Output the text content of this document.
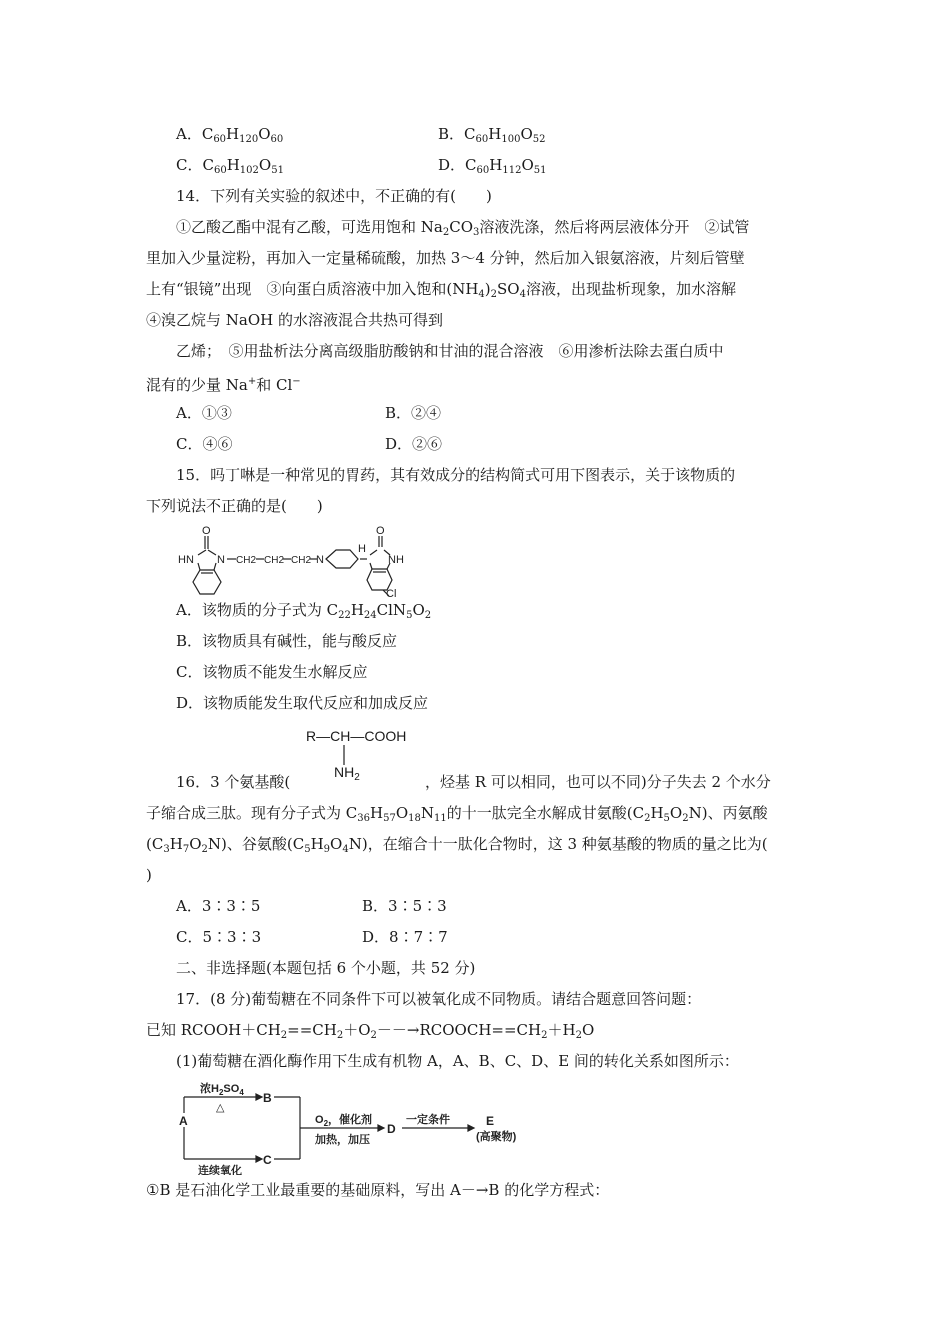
A．$C_{60}H_{120}O_{60}$	B．$C_{60}H_{100}O_{52}$
C．$C_{60}H_{102}O_{51}$	D．$C_{60}H_{112}O_{51}$
14．下列有关实验的叙述中，不正确的有(　　)
①乙酸乙酯中混有乙酸，可选用饱和 $Na_2CO_3$溶液洗涤，然后将两层液体分开　②试管
里加入少量淀粉，再加入一定量稀硫酸，加热 3～4 分钟，然后加入银氨溶液，片刻后管壁
上有“银镜”出现　③向蛋白质溶液中加入饱和$(NH_4)_2SO_4$溶液，出现盐析现象，加水溶解
④溴乙烷与 NaOH 的水溶液混合共热可得到
乙烯；　⑤用盐析法分离高级脂肪酸钠和甘油的混合溶液　⑥用渗析法除去蛋白质中
混有的少量 Na+和 Cl−
A．①③	B．②④
C．④⑥	D．②⑥
15．吗丁啉是一种常见的胃药，其有效成分的结构简式可用下图表示，关于该物质的
下列说法不正确的是(　　)
O
HN N CH2 CH2 CH2 N
O
H
NH
Cl
A．该物质的分子式为 $C_{22}H_{24}ClN_5O_2$
B．该物质具有碱性，能与酸反应
C．该物质不能发生水解反应
D．该物质能发生取代反应和加成反应
R—CH—COOH
$NH_2$
16．3 个氨基酸(	，烃基 R 可以相同，也可以不同)分子失去 2 个水分
子缩合成三肽。现有分子式为 $C_{36}H_{57}O_{18}N_{11}$的十一肽完全水解成甘氨酸$(C_2H_5O_2N)$、丙氨酸
$(C_3H_7O_2N)$、谷氨酸$(C_5H_9O_4N)$，在缩合十一肽化合物时，这 3 种氨基酸的物质的量之比为(
)
A．3∶3∶5	B．3∶5∶3
C．5∶3∶3	D．8∶7∶7
二、非选择题(本题包括 6 个小题，共 52 分)
17．(8 分)葡萄糖在不同条件下可以被氧化成不同物质。请结合题意回答问题：
已知 $RCOOH+CH_2==CH_2+O_2--\to RCOOCH==CH_2+H_2O$
(1)葡萄糖在酒化酶作用下生成有机物 A，A、B、C、D、E 间的转化关系如图所示：
A
B
C
D
E
(高聚物)
浓$H_2SO_4$
△
连续氧化
$O_2$，催化剂
加热，加压
一定条件
①B 是石油化学工业最重要的基础原料，写出 A－→B 的化学方程式：
